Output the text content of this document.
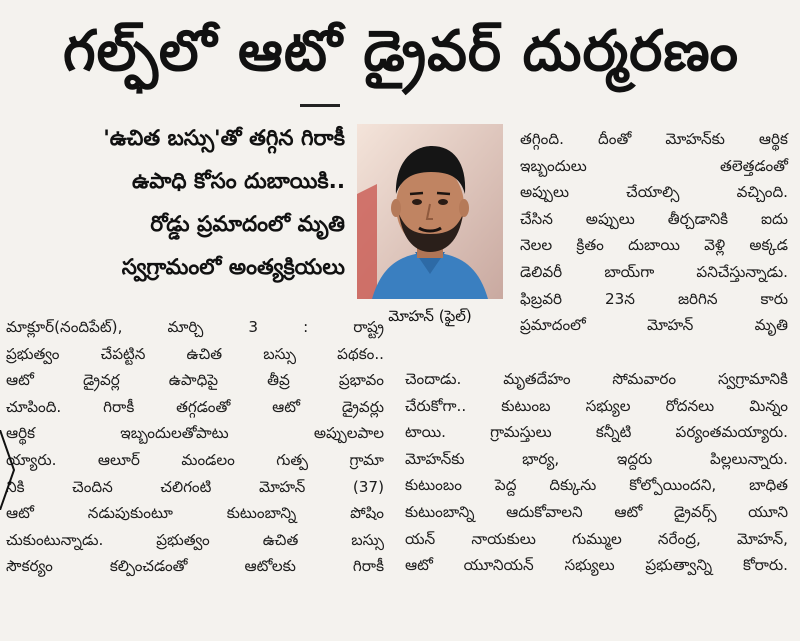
గల్ఫ్‌లో ఆటో డ్రైవర్ దుర్మరణం
'ఉచిత బస్సు'తో తగ్గిన గిరాకీ
ఉపాధి కోసం దుబాయికి..
రోడ్డు ప్రమాదంలో మృతి
స్వగ్రామంలో అంత్యక్రియలు
మోహన్ (ఫైల్)
మాక్లూర్(నందిపేట్), మార్చి 3 : రాష్ట్ర
ప్రభుత్వం చేపట్టిన ఉచిత బస్సు పథకం..
ఆటో డ్రైవర్ల ఉపాధిపై తీవ్ర ప్రభావం
చూపింది. గిరాకీ తగ్గడంతో ఆటో డ్రైవర్లు
ఆర్థిక ఇబ్బందులతోపాటు అప్పులపాల
య్యారు. ఆలూర్ మండలం గుత్ప గ్రామా
నికి చెందిన చలిగంటి మోహన్ (37)
ఆటో నడుపుకుంటూ కుటుంబాన్ని పోషిం
చుకుంటున్నాడు. ప్రభుత్వం ఉచిత బస్సు
సౌకర్యం కల్పించడంతో ఆటోలకు గిరాకీ
తగ్గింది. దీంతో మోహన్‌కు ఆర్థిక
ఇబ్బందులు తలెత్తడంతో
అప్పులు చేయాల్సి వచ్చింది.
చేసిన అప్పులు తీర్చడానికి ఐదు
నెలల క్రితం దుబాయి వెళ్లి అక్కడ
డెలివరీ బాయ్‌గా పనిచేస్తున్నాడు.
ఫిబ్రవరి 23న జరిగిన కారు
ప్రమాదంలో మోహన్ మృతి
చెందాడు. మృతదేహం సోమవారం స్వగ్రామానికి
చేరుకోగా.. కుటుంబ సభ్యుల రోదనలు మిన్నం
టాయి. గ్రామస్తులు కన్నీటి పర్యంతమయ్యారు.
మోహన్‌కు భార్య, ఇద్దరు పిల్లలున్నారు.
కుటుంబం పెద్ద దిక్కును కోల్పోయిందని, బాధిత
కుటుంబాన్ని ఆదుకోవాలని ఆటో డ్రైవర్స్ యూని
యన్ నాయకులు గుమ్ముల నరేంద్ర, మోహన్,
ఆటో యూనియన్ సభ్యులు ప్రభుత్వాన్ని కోరారు.
